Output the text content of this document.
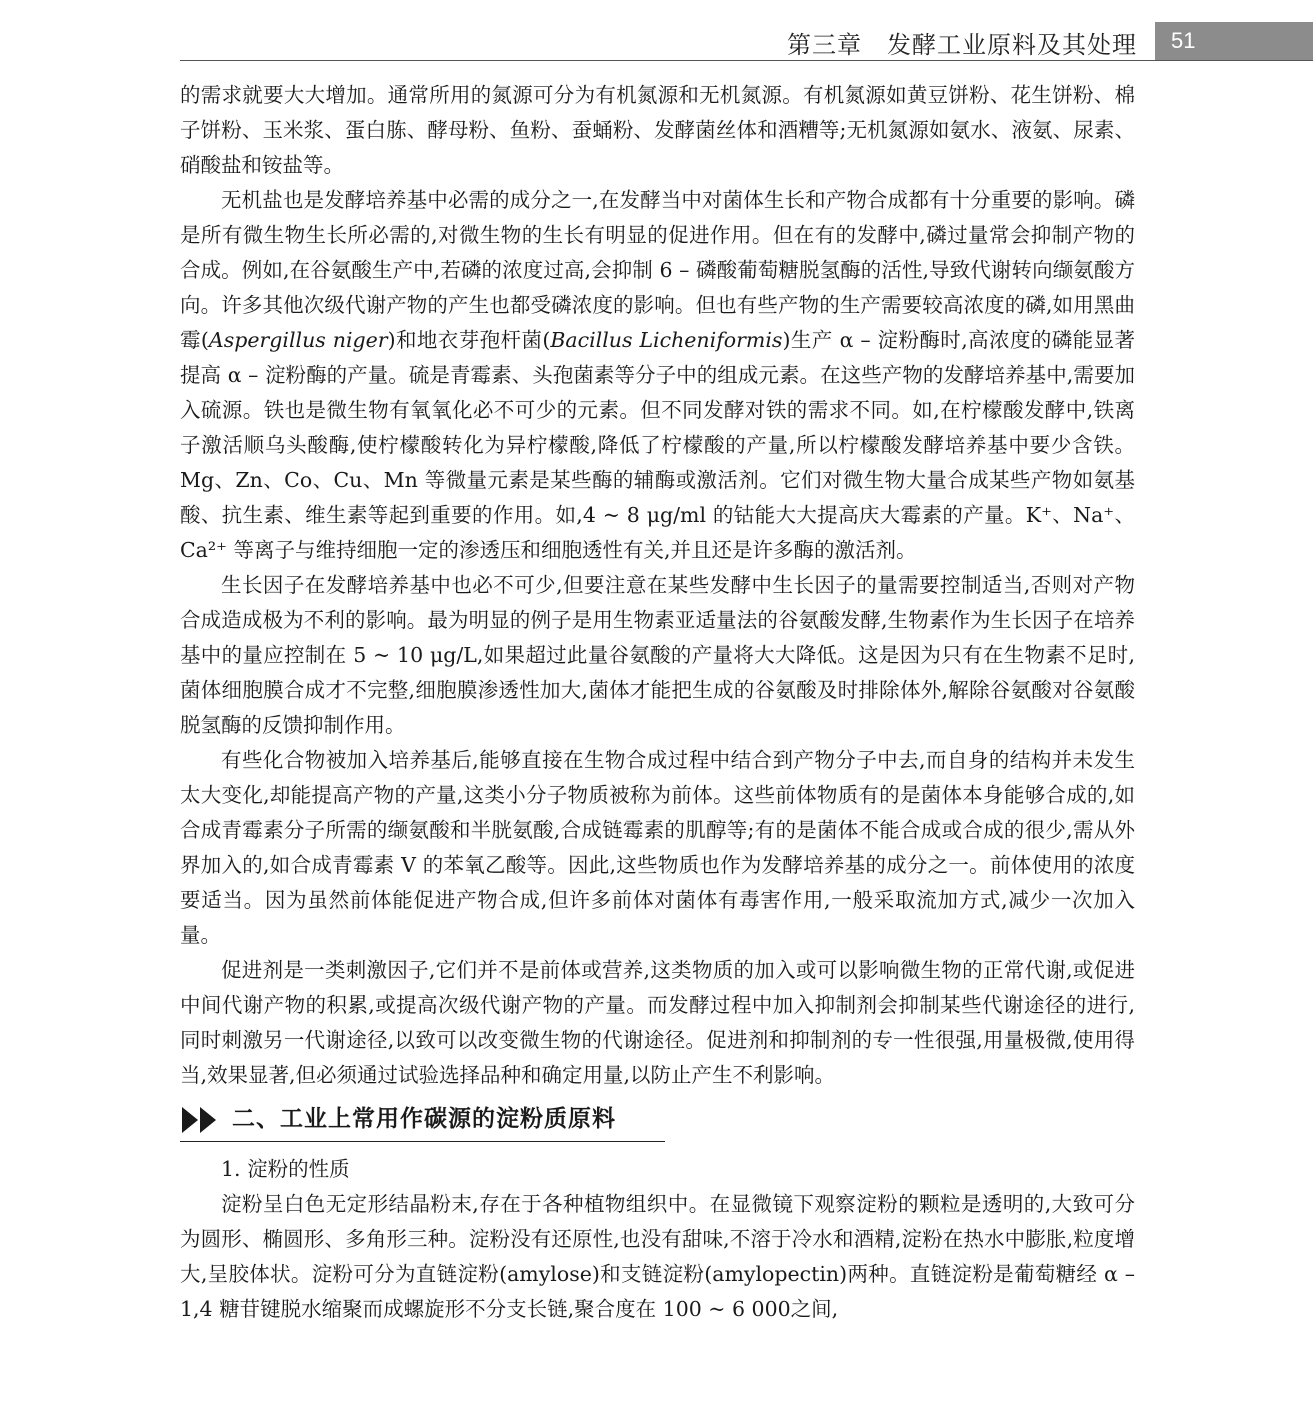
第三章　发酵工业原料及其处理 51

的需求就要大大增加。通常所用的氮源可分为有机氮源和无机氮源。有机氮源如黄豆饼粉、花生饼粉、棉子饼粉、玉米浆、蛋白胨、酵母粉、鱼粉、蚕蛹粉、发酵菌丝体和酒糟等;无机氮源如氨水、液氨、尿素、硝酸盐和铵盐等。

无机盐也是发酵培养基中必需的成分之一,在发酵当中对菌体生长和产物合成都有十分重要的影响。磷是所有微生物生长所必需的,对微生物的生长有明显的促进作用。但在有的发酵中,磷过量常会抑制产物的合成。例如,在谷氨酸生产中,若磷的浓度过高,会抑制 6 – 磷酸葡萄糖脱氢酶的活性,导致代谢转向缬氨酸方向。许多其他次级代谢产物的产生也都受磷浓度的影响。但也有些产物的生产需要较高浓度的磷,如用黑曲霉(Aspergillus niger)和地衣芽孢杆菌(Bacillus Licheniformis)生产 α – 淀粉酶时,高浓度的磷能显著提高 α – 淀粉酶的产量。硫是青霉素、头孢菌素等分子中的组成元素。在这些产物的发酵培养基中,需要加入硫源。铁也是微生物有氧氧化必不可少的元素。但不同发酵对铁的需求不同。如,在柠檬酸发酵中,铁离子激活顺乌头酸酶,使柠檬酸转化为异柠檬酸,降低了柠檬酸的产量,所以柠檬酸发酵培养基中要少含铁。Mg、Zn、Co、Cu、Mn 等微量元素是某些酶的辅酶或激活剂。它们对微生物大量合成某些产物如氨基酸、抗生素、维生素等起到重要的作用。如,4 ~ 8 μg/ml 的钴能大大提高庆大霉素的产量。K⁺、Na⁺、Ca²⁺ 等离子与维持细胞一定的渗透压和细胞透性有关,并且还是许多酶的激活剂。

生长因子在发酵培养基中也必不可少,但要注意在某些发酵中生长因子的量需要控制适当,否则对产物合成造成极为不利的影响。最为明显的例子是用生物素亚适量法的谷氨酸发酵,生物素作为生长因子在培养基中的量应控制在 5 ~ 10 μg/L,如果超过此量谷氨酸的产量将大大降低。这是因为只有在生物素不足时,菌体细胞膜合成才不完整,细胞膜渗透性加大,菌体才能把生成的谷氨酸及时排除体外,解除谷氨酸对谷氨酸脱氢酶的反馈抑制作用。

有些化合物被加入培养基后,能够直接在生物合成过程中结合到产物分子中去,而自身的结构并未发生太大变化,却能提高产物的产量,这类小分子物质被称为前体。这些前体物质有的是菌体本身能够合成的,如合成青霉素分子所需的缬氨酸和半胱氨酸,合成链霉素的肌醇等;有的是菌体不能合成或合成的很少,需从外界加入的,如合成青霉素 V 的苯氧乙酸等。因此,这些物质也作为发酵培养基的成分之一。前体使用的浓度要适当。因为虽然前体能促进产物合成,但许多前体对菌体有毒害作用,一般采取流加方式,减少一次加入量。

促进剂是一类刺激因子,它们并不是前体或营养,这类物质的加入或可以影响微生物的正常代谢,或促进中间代谢产物的积累,或提高次级代谢产物的产量。而发酵过程中加入抑制剂会抑制某些代谢途径的进行,同时刺激另一代谢途径,以致可以改变微生物的代谢途径。促进剂和抑制剂的专一性很强,用量极微,使用得当,效果显著,但必须通过试验选择品种和确定用量,以防止产生不利影响。

二、工业上常用作碳源的淀粉质原料

1. 淀粉的性质

淀粉呈白色无定形结晶粉末,存在于各种植物组织中。在显微镜下观察淀粉的颗粒是透明的,大致可分为圆形、椭圆形、多角形三种。淀粉没有还原性,也没有甜味,不溶于冷水和酒精,淀粉在热水中膨胀,粒度增大,呈胶体状。淀粉可分为直链淀粉(amylose)和支链淀粉(amylopectin)两种。直链淀粉是葡萄糖经 α – 1,4 糖苷键脱水缩聚而成螺旋形不分支长链,聚合度在 100 ~ 6 000之间,
